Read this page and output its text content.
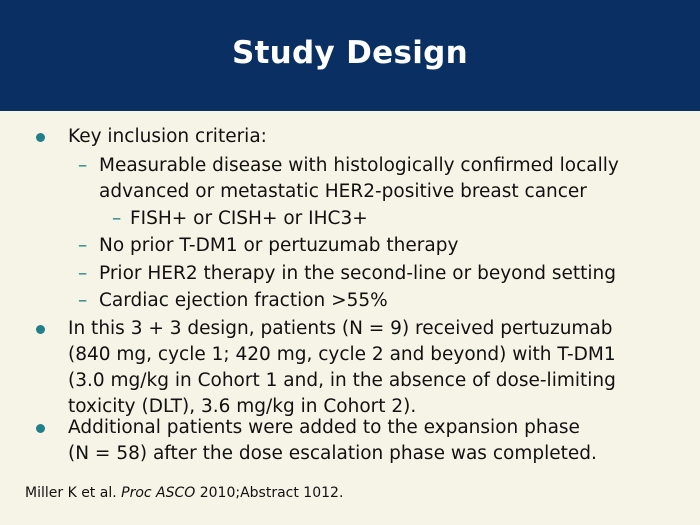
Study Design
Key inclusion criteria:
– Measurable disease with histologically confirmed locally
advanced or metastatic HER2-positive breast cancer
– FISH+ or CISH+ or IHC3+
– No prior T-DM1 or pertuzumab therapy
– Prior HER2 therapy in the second-line or beyond setting
– Cardiac ejection fraction >55%
In this 3 + 3 design, patients (N = 9) received pertuzumab
(840 mg, cycle 1; 420 mg, cycle 2 and beyond) with T-DM1
(3.0 mg/kg in Cohort 1 and, in the absence of dose-limiting
toxicity (DLT), 3.6 mg/kg in Cohort 2).
Additional patients were added to the expansion phase
(N = 58) after the dose escalation phase was completed.
Miller K et al. Proc ASCO 2010;Abstract 1012.
